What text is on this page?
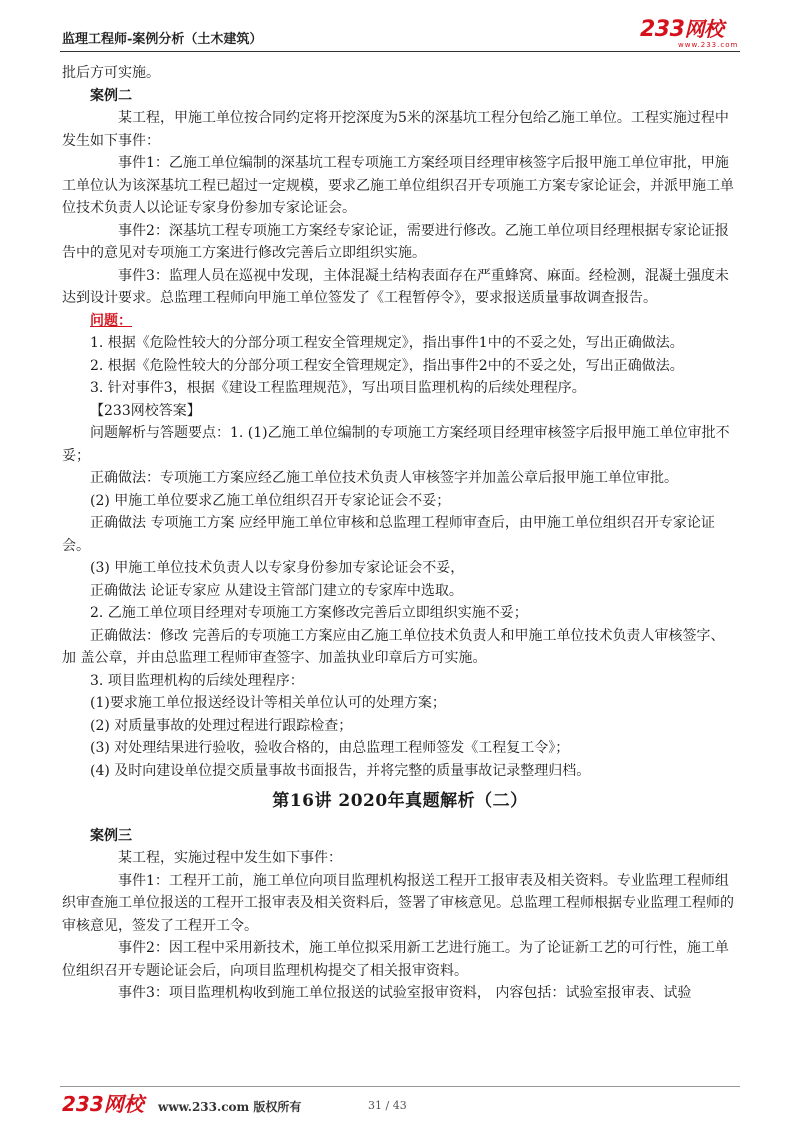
监理工程师-案例分析（土木建筑）	233网校
www.233.com

批后方可实施。

案例二

某工程，甲施工单位按合同约定将开挖深度为5米的深基坑工程分包给乙施工单位。工程实施过程中发生如下事件：

事件1：乙施工单位编制的深基坑工程专项施工方案经项目经理审核签字后报甲施工单位审批，甲施工单位认为该深基坑工程已超过一定规模，要求乙施工单位组织召开专项施工方案专家论证会，并派甲施工单位技术负责人以论证专家身份参加专家论证会。

事件2：深基坑工程专项施工方案经专家论证，需要进行修改。乙施工单位项目经理根据专家论证报告中的意见对专项施工方案进行修改完善后立即组织实施。

事件3：监理人员在巡视中发现，主体混凝土结构表面存在严重蜂窝、麻面。经检测，混凝土强度未达到设计要求。总监理工程师向甲施工单位签发了《工程暂停令》，要求报送质量事故调查报告。

问题：

1. 根据《危险性较大的分部分项工程安全管理规定》，指出事件1中的不妥之处，写出正确做法。

2. 根据《危险性较大的分部分项工程安全管理规定》，指出事件2中的不妥之处，写出正确做法。

3. 针对事件3，根据《建设工程监理规范》，写出项目监理机构的后续处理程序。

【233网校答案】

问题解析与答题要点：1. (1)乙施工单位编制的专项施工方案经项目经理审核签字后报甲施工单位审批不妥；

正确做法：专项施工方案应经乙施工单位技术负责人审核签字并加盖公章后报甲施工单位审批。

(2) 甲施工单位要求乙施工单位组织召开专家论证会不妥；

正确做法 专项施工方案 应经甲施工单位审核和总监理工程师审查后，由甲施工单位组织召开专家论证会。

(3) 甲施工单位技术负责人以专家身份参加专家论证会不妥，

正确做法 论证专家应 从建设主管部门建立的专家库中选取。

2. 乙施工单位项目经理对专项施工方案修改完善后立即组织实施不妥；

正确做法：修改 完善后的专项施工方案应由乙施工单位技术负责人和甲施工单位技术负责人审核签字、加 盖公章，并由总监理工程师审查签字、加盖执业印章后方可实施。

3. 项目监理机构的后续处理程序：

(1)要求施工单位报送经设计等相关单位认可的处理方案；

(2) 对质量事故的处理过程进行跟踪检查；

(3) 对处理结果进行验收，验收合格的，由总监理工程师签发《工程复工令》；

(4) 及时向建设单位提交质量事故书面报告，并将完整的质量事故记录整理归档。

第16讲 2020年真题解析（二）

案例三

某工程，实施过程中发生如下事件：

事件1：工程开工前，施工单位向项目监理机构报送工程开工报审表及相关资料。专业监理工程师组织审查施工单位报送的工程开工报审表及相关资料后，签署了审核意见。总监理工程师根据专业监理工程师的审核意见，签发了工程开工令。

事件2：因工程中采用新技术，施工单位拟采用新工艺进行施工。为了论证新工艺的可行性，施工单位组织召开专题论证会后，向项目监理机构提交了相关报审资料。

事件3：项目监理机构收到施工单位报送的试验室报审资料， 内容包括：试验室报审表、试验

233网校 www.233.com 版权所有	31 / 43
